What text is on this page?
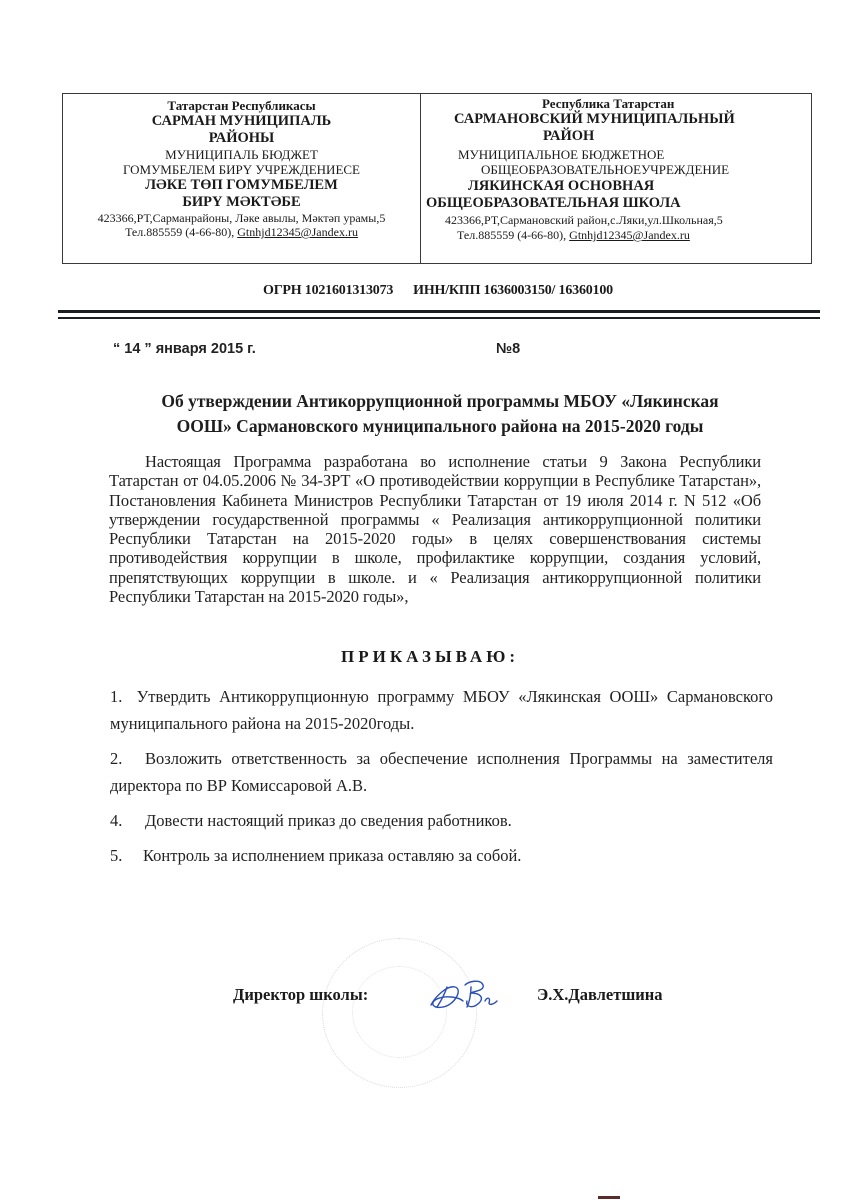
Татарстан Республикасы
САРМАН МУНИЦИПАЛЬ
РАЙОНЫ
МУНИЦИПАЛЬ БЮДЖЕТ
ГОМУМБЕЛЕМ БИРҮ УЧРЕЖДЕНИЕСЕ
ЛӘКЕ ТӨП ГОМУМБЕЛЕМ
БИРҮ МӘКТӘБЕ
423366,РТ,Сарманрайоны, Ләке авылы, Мәктәп урамы,5
Тел.885559 (4-66-80), Gtnhjd12345@Jandex.ru
Республика Татарстан
САРМАНОВСКИЙ МУНИЦИПАЛЬНЫЙ
РАЙОН
МУНИЦИПАЛЬНОЕ БЮДЖЕТНОЕ
ОБЩЕОБРАЗОВАТЕЛЬНОЕУЧРЕЖДЕНИЕ
ЛЯКИНСКАЯ ОСНОВНАЯ
ОБЩЕОБРАЗОВАТЕЛЬНАЯ ШКОЛА
423366,РТ,Сармановский район,с.Ляки,ул.Школьная,5
Тел.885559 (4-66-80), Gtnhjd12345@Jandex.ru
ОГРН 1021601313073 ИНН/КПП 1636003150/ 16360100
“ 14 ” января 2015 г.	№8
Об утверждении Антикоррупционной программы МБОУ «Лякинская
ООШ» Сармановского муниципального района на 2015-2020 годы
Настоящая Программа разработана во исполнение статьи 9 Закона Республики Татарстан от 04.05.2006 № 34-ЗРТ «О противодействии коррупции в Республике Татарстан», Постановления Кабинета Министров Республики Татарстан от 19 июля 2014 г. N 512 «Об утверждении государственной программы « Реализация антикоррупционной политики Республики Татарстан на 2015-2020 годы» в целях совершенствования системы противодействия коррупции в школе, профилактике коррупции, создания условий, препятствующих коррупции в школе. и « Реализация антикоррупционной политики Республики Татарстан на 2015-2020 годы»,
ПРИКАЗЫВАЮ:
1. Утвердить Антикоррупционную программу МБОУ «Лякинская ООШ» Сармановского муниципального района на 2015-2020годы.
2. Возложить ответственность за обеспечение исполнения Программы на заместителя директора по ВР Комиссаровой А.В.
4. Довести настоящий приказ до сведения работников.
5. Контроль за исполнением приказа оставляю за собой.
Директор школы:	Э.Х.Давлетшина
